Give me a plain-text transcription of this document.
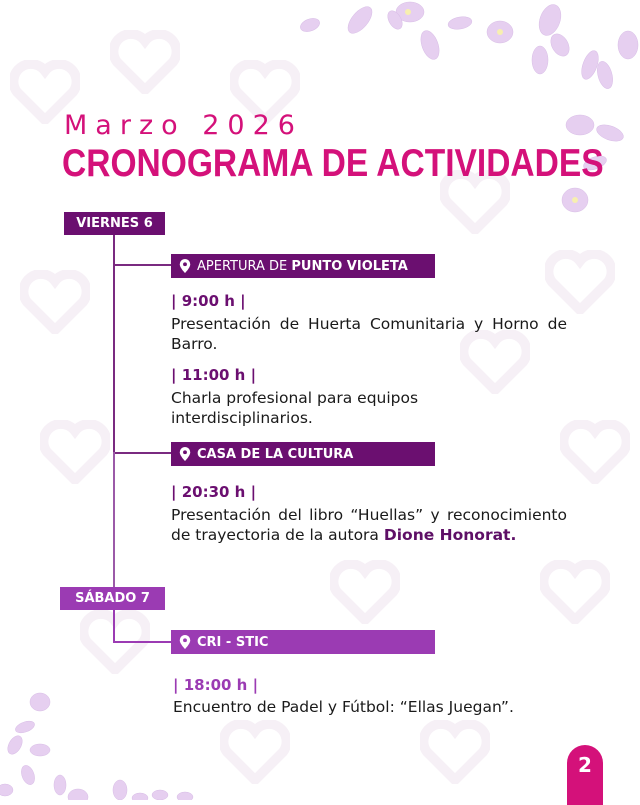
Marzo 2026
CRONOGRAMA DE ACTIVIDADES
VIERNES 6
APERTURA DE PUNTO VIOLETA
| 9:00 h |
Presentación de Huerta Comunitaria y Horno de Barro.
| 11:00 h |
Charla profesional para equipos interdisciplinarios.
CASA DE LA CULTURA
| 20:30 h |
Presentación del libro “Huellas” y reconocimiento de trayectoria de la autora Dione Honorat.
SÁBADO 7
CRI - STIC
| 18:00 h |
Encuentro de Padel y Fútbol: “Ellas Juegan”.
2
